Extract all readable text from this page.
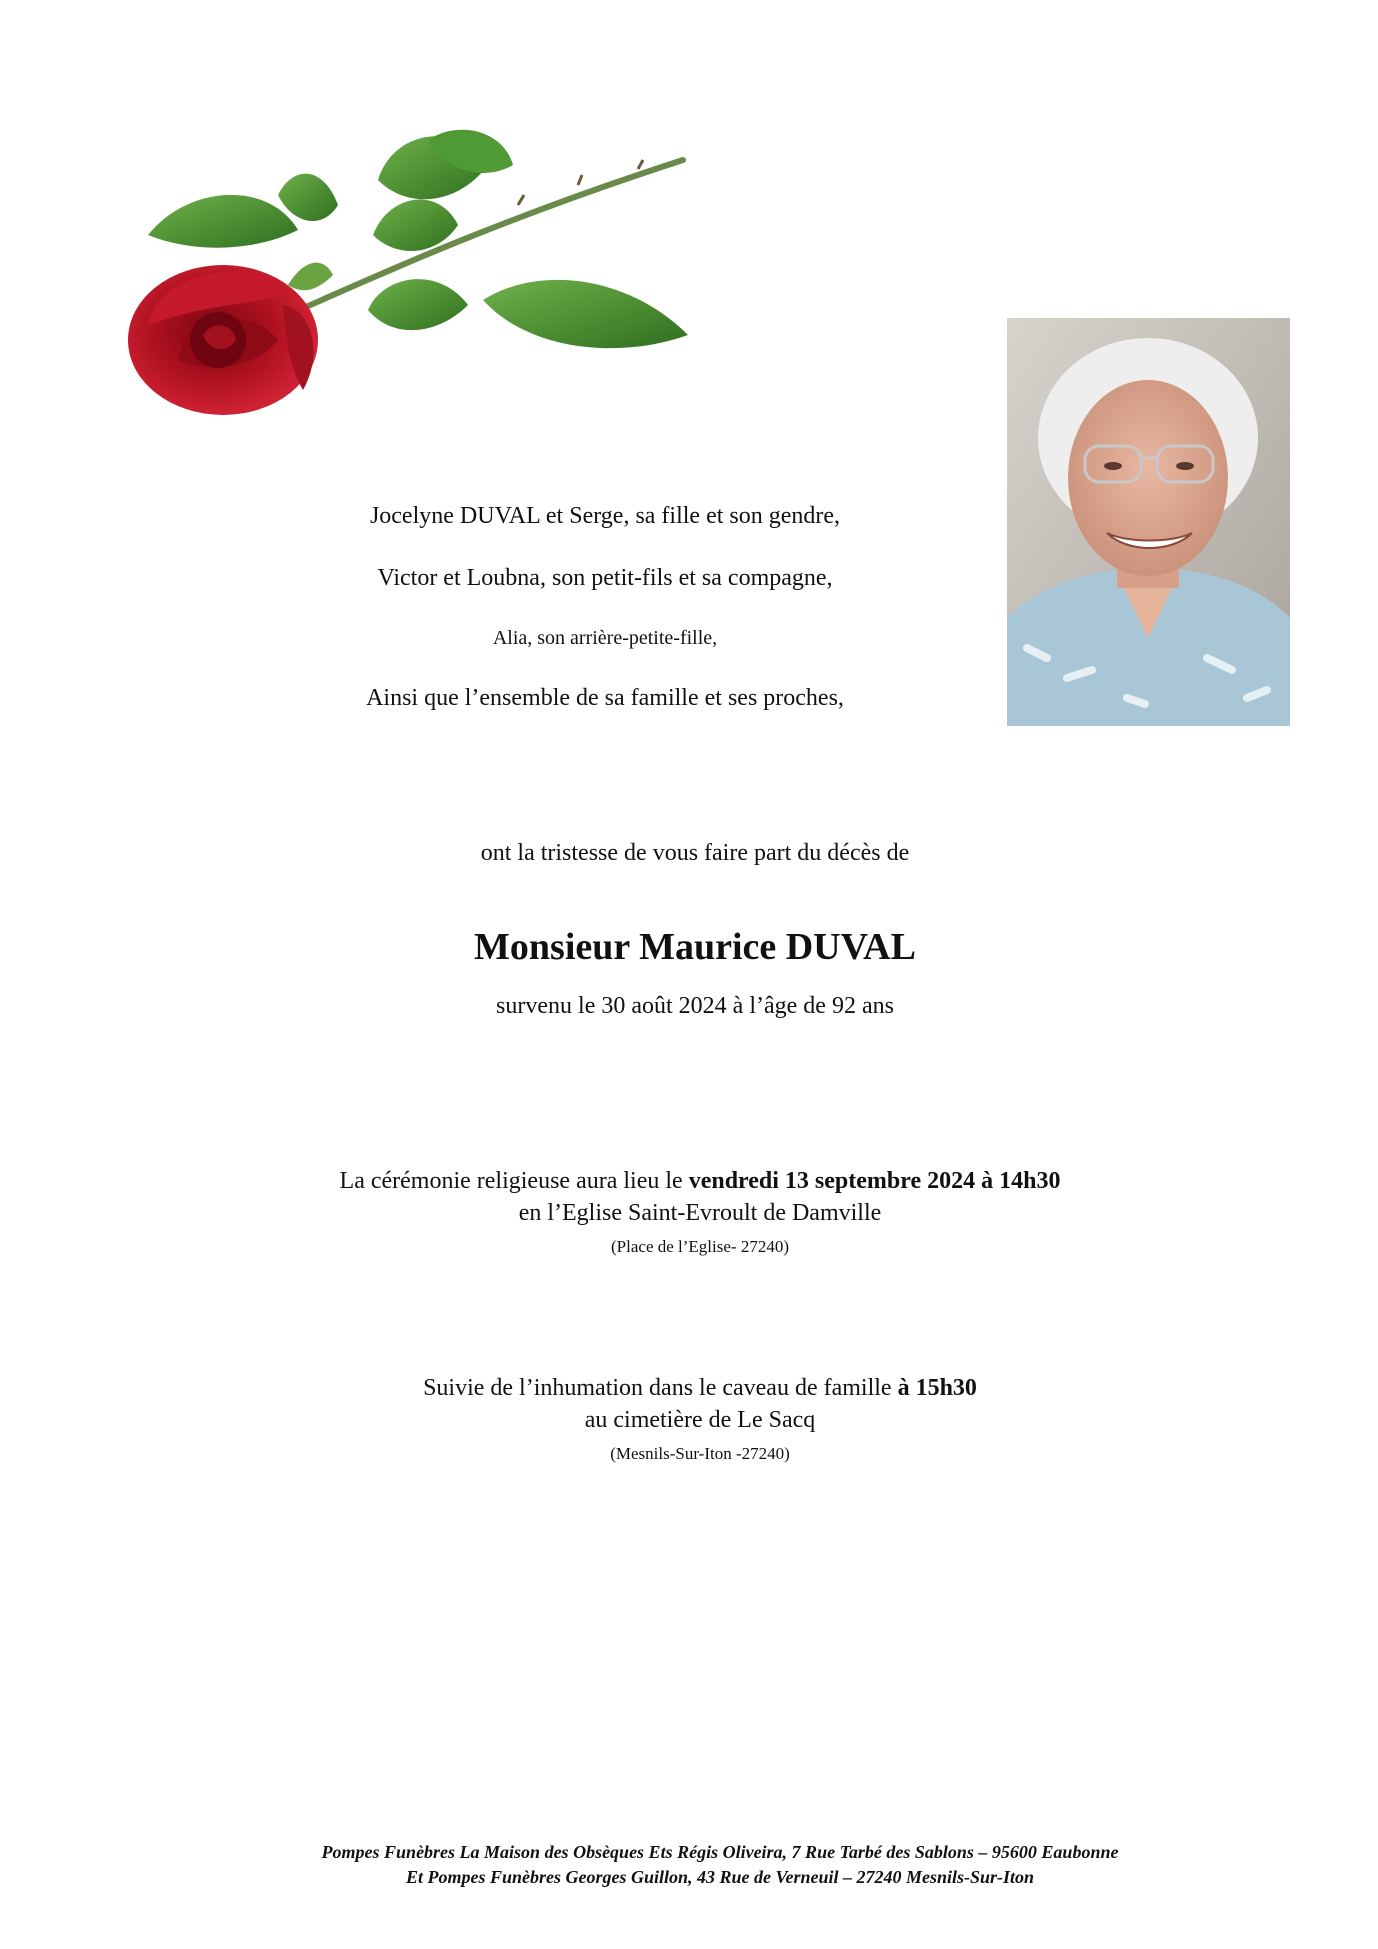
Jocelyne DUVAL et Serge, sa fille et son gendre,
Victor et Loubna, son petit-fils et sa compagne,
Alia, son arrière-petite-fille,
Ainsi que l’ensemble de sa famille et ses proches,
ont la tristesse de vous faire part du décès de
Monsieur Maurice DUVAL
survenu le 30 août 2024 à l’âge de 92 ans
La cérémonie religieuse aura lieu le vendredi 13 septembre 2024 à 14h30
en l’Eglise Saint-Evroult de Damville
(Place de l’Eglise- 27240)
Suivie de l’inhumation dans le caveau de famille à 15h30
au cimetière de Le Sacq
(Mesnils-Sur-Iton -27240)
Pompes Funèbres La Maison des Obsèques Ets Régis Oliveira, 7 Rue Tarbé des Sablons – 95600 Eaubonne
Et Pompes Funèbres Georges Guillon, 43 Rue de Verneuil – 27240 Mesnils-Sur-Iton
